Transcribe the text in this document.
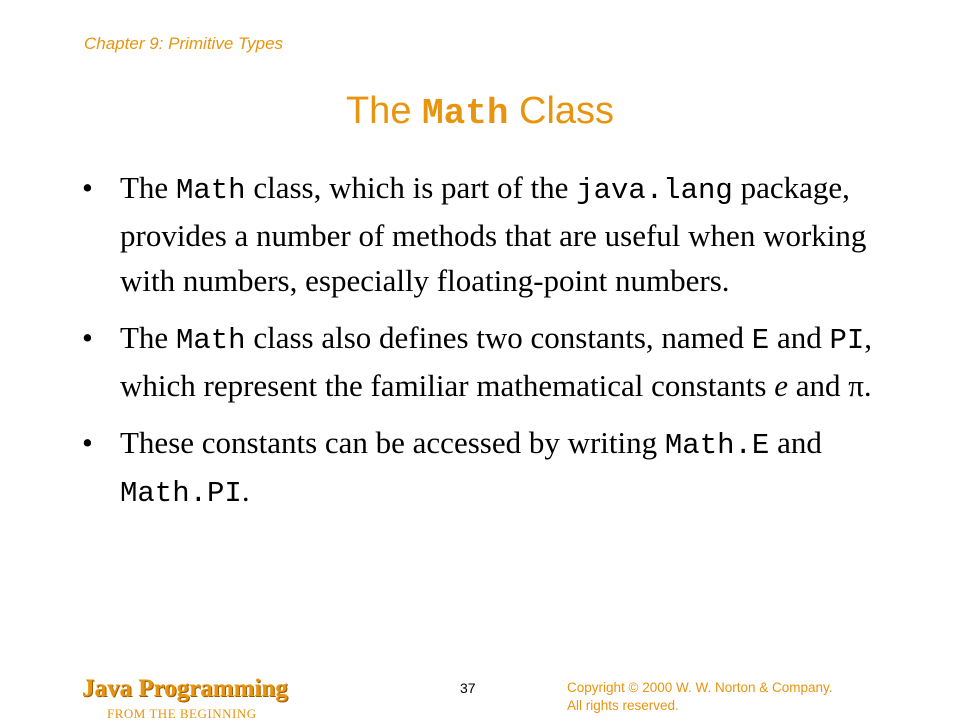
Chapter 9: Primitive Types
The Math Class
• The Math class, which is part of the java.lang package, provides a number of methods that are useful when working with numbers, especially floating-point numbers.
• The Math class also defines two constants, named E and PI, which represent the familiar mathematical constants e and π.
• These constants can be accessed by writing Math.E and Math.PI.
Java Programming
FROM THE BEGINNING
37	Copyright © 2000 W. W. Norton & Company.
All rights reserved.
